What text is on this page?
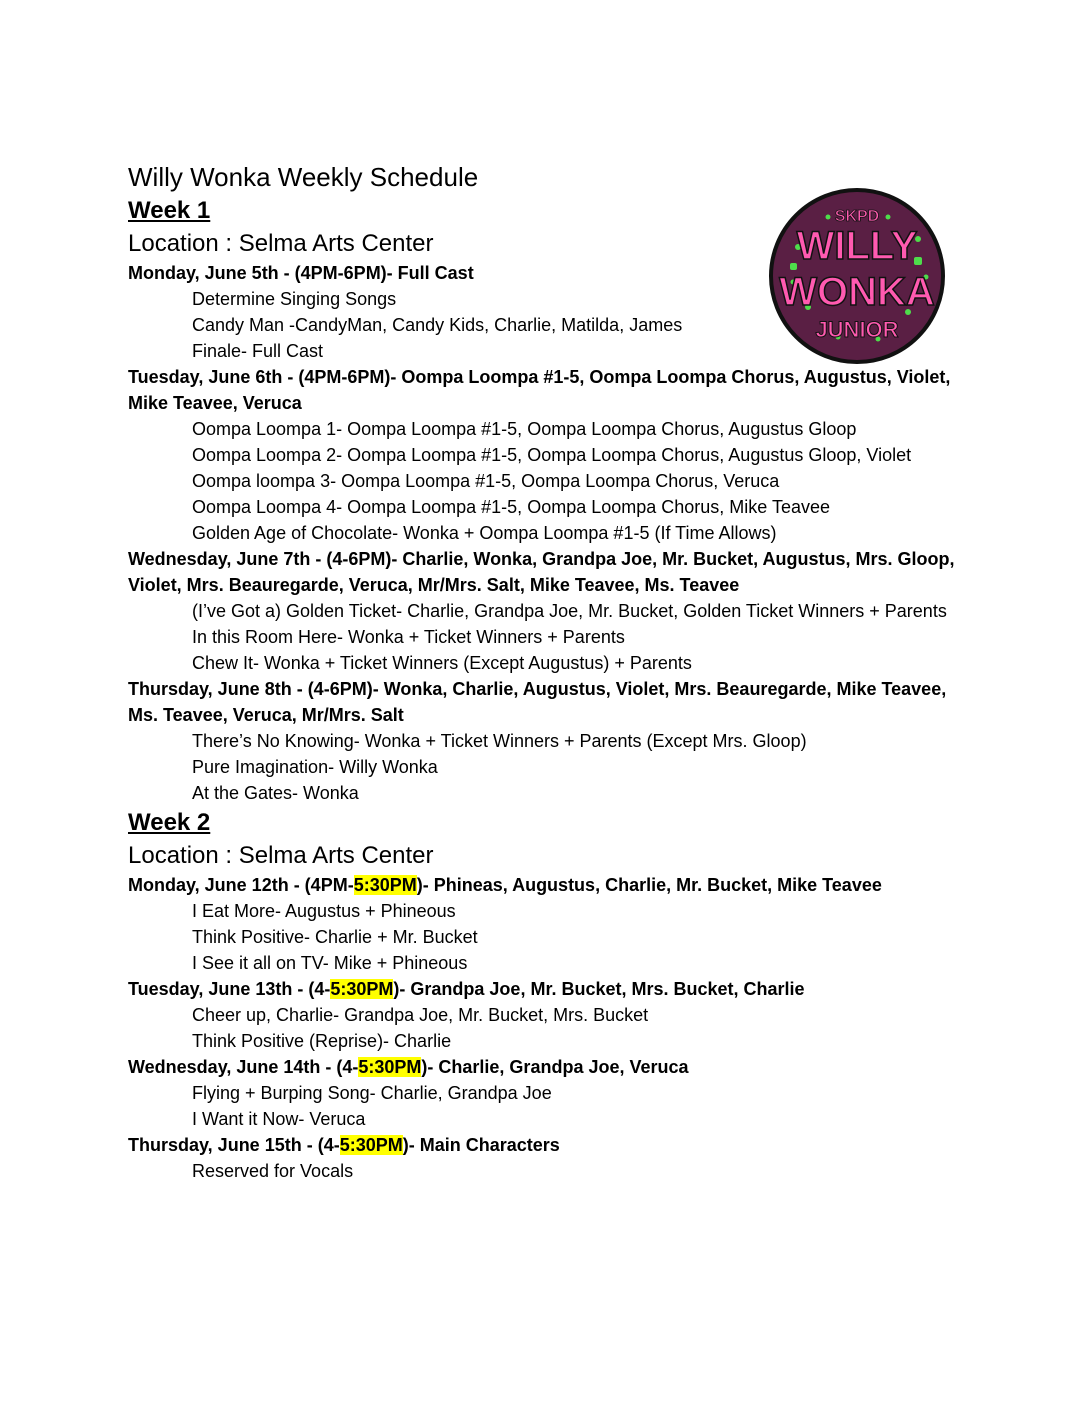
Willy Wonka Weekly Schedule
Week 1
Location : Selma Arts Center
Monday, June 5th - (4PM-6PM)- Full Cast
Determine Singing Songs
Candy Man -CandyMan, Candy Kids, Charlie, Matilda, James
Finale- Full Cast
Tuesday, June 6th - (4PM-6PM)- Oompa Loompa #1-5, Oompa Loompa Chorus, Augustus, Violet, Mike Teavee, Veruca
Oompa Loompa 1- Oompa Loompa #1-5, Oompa Loompa Chorus, Augustus Gloop
Oompa Loompa 2- Oompa Loompa #1-5, Oompa Loompa Chorus, Augustus Gloop, Violet
Oompa loompa 3- Oompa Loompa #1-5, Oompa Loompa Chorus, Veruca
Oompa Loompa 4- Oompa Loompa #1-5, Oompa Loompa Chorus, Mike Teavee
Golden Age of Chocolate- Wonka + Oompa Loompa #1-5 (If Time Allows)
Wednesday, June 7th - (4-6PM)- Charlie, Wonka, Grandpa Joe, Mr. Bucket, Augustus, Mrs. Gloop, Violet, Mrs. Beauregarde, Veruca, Mr/Mrs. Salt, Mike Teavee, Ms. Teavee
(I’ve Got a) Golden Ticket- Charlie, Grandpa Joe, Mr. Bucket, Golden Ticket Winners + Parents
In this Room Here- Wonka + Ticket Winners + Parents
Chew It- Wonka + Ticket Winners (Except Augustus) + Parents
Thursday, June 8th - (4-6PM)- Wonka, Charlie, Augustus, Violet, Mrs. Beauregarde, Mike Teavee, Ms. Teavee, Veruca, Mr/Mrs. Salt
There’s No Knowing- Wonka + Ticket Winners + Parents (Except Mrs. Gloop)
Pure Imagination- Willy Wonka
At the Gates- Wonka
Week 2
Location : Selma Arts Center
Monday, June 12th - (4PM-5:30PM)- Phineas, Augustus, Charlie, Mr. Bucket, Mike Teavee
I Eat More- Augustus + Phineous
Think Positive- Charlie + Mr. Bucket
I See it all on TV- Mike + Phineous
Tuesday, June 13th - (4-5:30PM)- Grandpa Joe, Mr. Bucket, Mrs. Bucket, Charlie
Cheer up, Charlie- Grandpa Joe, Mr. Bucket, Mrs. Bucket
Think Positive (Reprise)- Charlie
Wednesday, June 14th - (4-5:30PM)- Charlie, Grandpa Joe, Veruca
Flying + Burping Song- Charlie, Grandpa Joe
I Want it Now- Veruca
Thursday, June 15th - (4-5:30PM)- Main Characters
Reserved for Vocals
SKPD
WILLY
WONKA
JUNIOR
